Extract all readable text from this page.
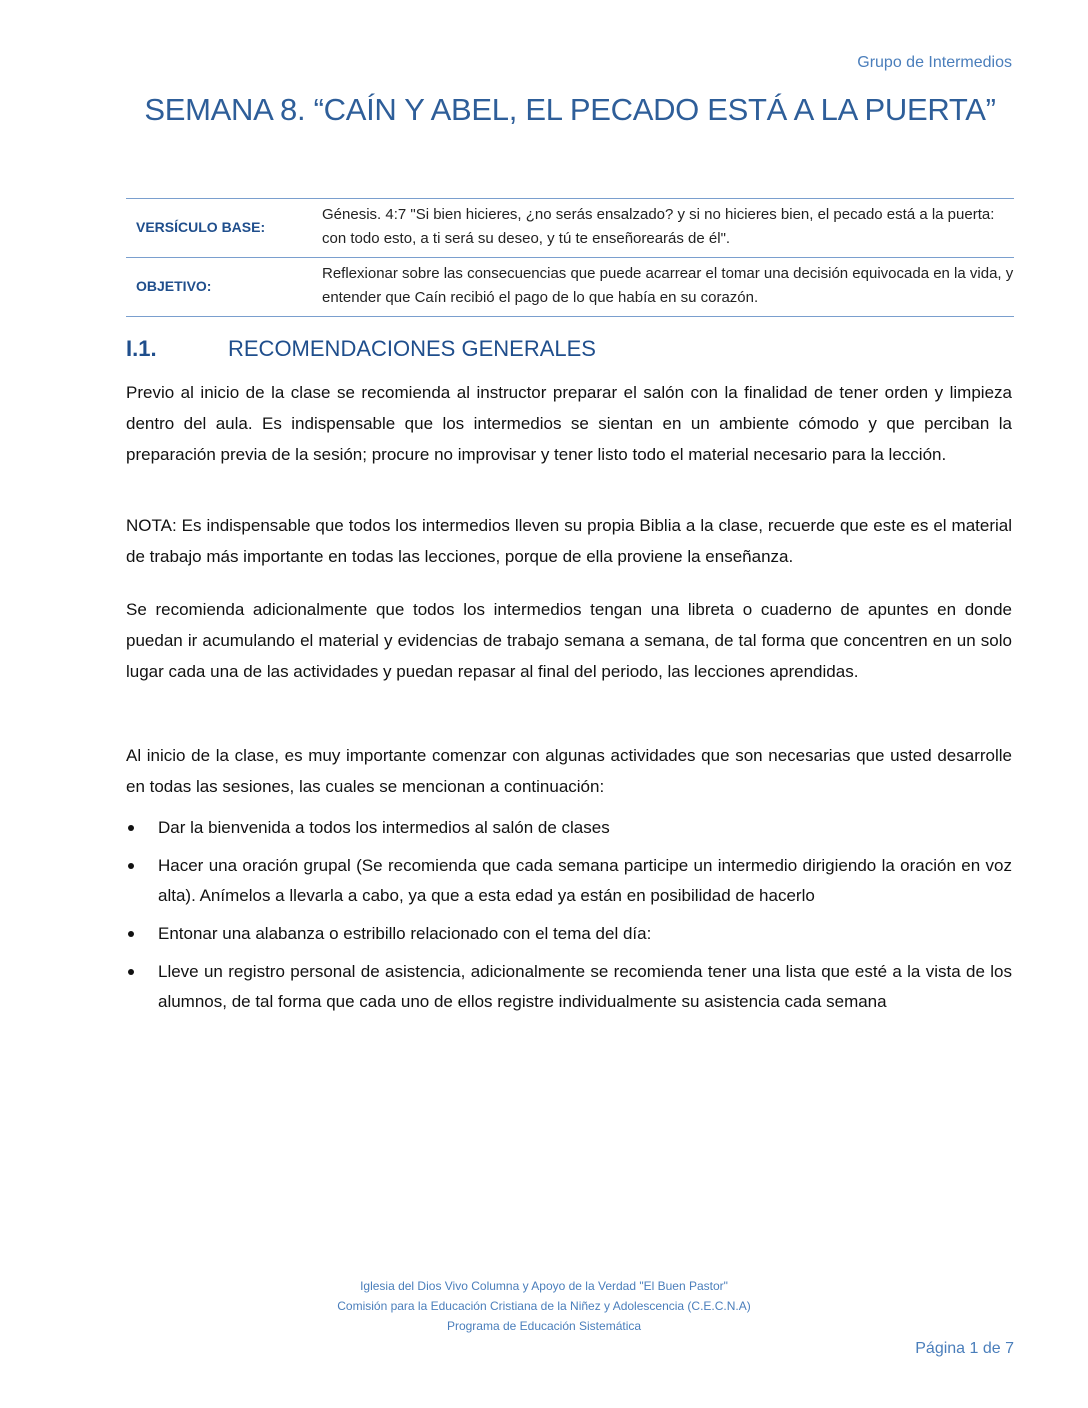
Grupo de Intermedios
SEMANA 8. “CAÍN Y ABEL, EL PECADO ESTÁ A LA PUERTA”
VERSÍCULO BASE:	Génesis. 4:7 "Si bien hicieres, ¿no serás ensalzado? y si no hicieres bien, el pecado está a la puerta: con todo esto, a ti será su deseo, y tú te enseñorearás de él".
OBJETIVO:	Reflexionar sobre las consecuencias que puede acarrear el tomar una decisión equivocada en la vida, y entender que Caín recibió el pago de lo que había en su corazón.
I.1.	RECOMENDACIONES GENERALES

Previo al inicio de la clase se recomienda al instructor preparar el salón con la finalidad de tener orden y limpieza dentro del aula. Es indispensable que los intermedios se sientan en un ambiente cómodo y que perciban la preparación previa de la sesión; procure no improvisar y tener listo todo el material necesario para la lección.

NOTA: Es indispensable que todos los intermedios lleven su propia Biblia a la clase, recuerde que este es el material de trabajo más importante en todas las lecciones, porque de ella proviene la enseñanza.

Se recomienda adicionalmente que todos los intermedios tengan una libreta o cuaderno de apuntes en donde puedan ir acumulando el material y evidencias de trabajo semana a semana, de tal forma que concentren en un solo lugar cada una de las actividades y puedan repasar al final del periodo, las lecciones aprendidas.

Al inicio de la clase, es muy importante comenzar con algunas actividades que son necesarias que usted desarrolle en todas las sesiones, las cuales se mencionan a continuación:

Dar la bienvenida a todos los intermedios al salón de clases
Hacer una oración grupal (Se recomienda que cada semana participe un intermedio dirigiendo la oración en voz alta). Anímelos a llevarla a cabo, ya que a esta edad ya están en posibilidad de hacerlo
Entonar una alabanza o estribillo relacionado con el tema del día:
Lleve un registro personal de asistencia, adicionalmente se recomienda tener una lista que esté a la vista de los alumnos, de tal forma que cada uno de ellos registre individualmente su asistencia cada semana
Iglesia del Dios Vivo Columna y Apoyo de la Verdad "El Buen Pastor"
Comisión para la Educación Cristiana de la Niñez y Adolescencia (C.E.C.N.A)
Programa de Educación Sistemática
Página 1 de 7
